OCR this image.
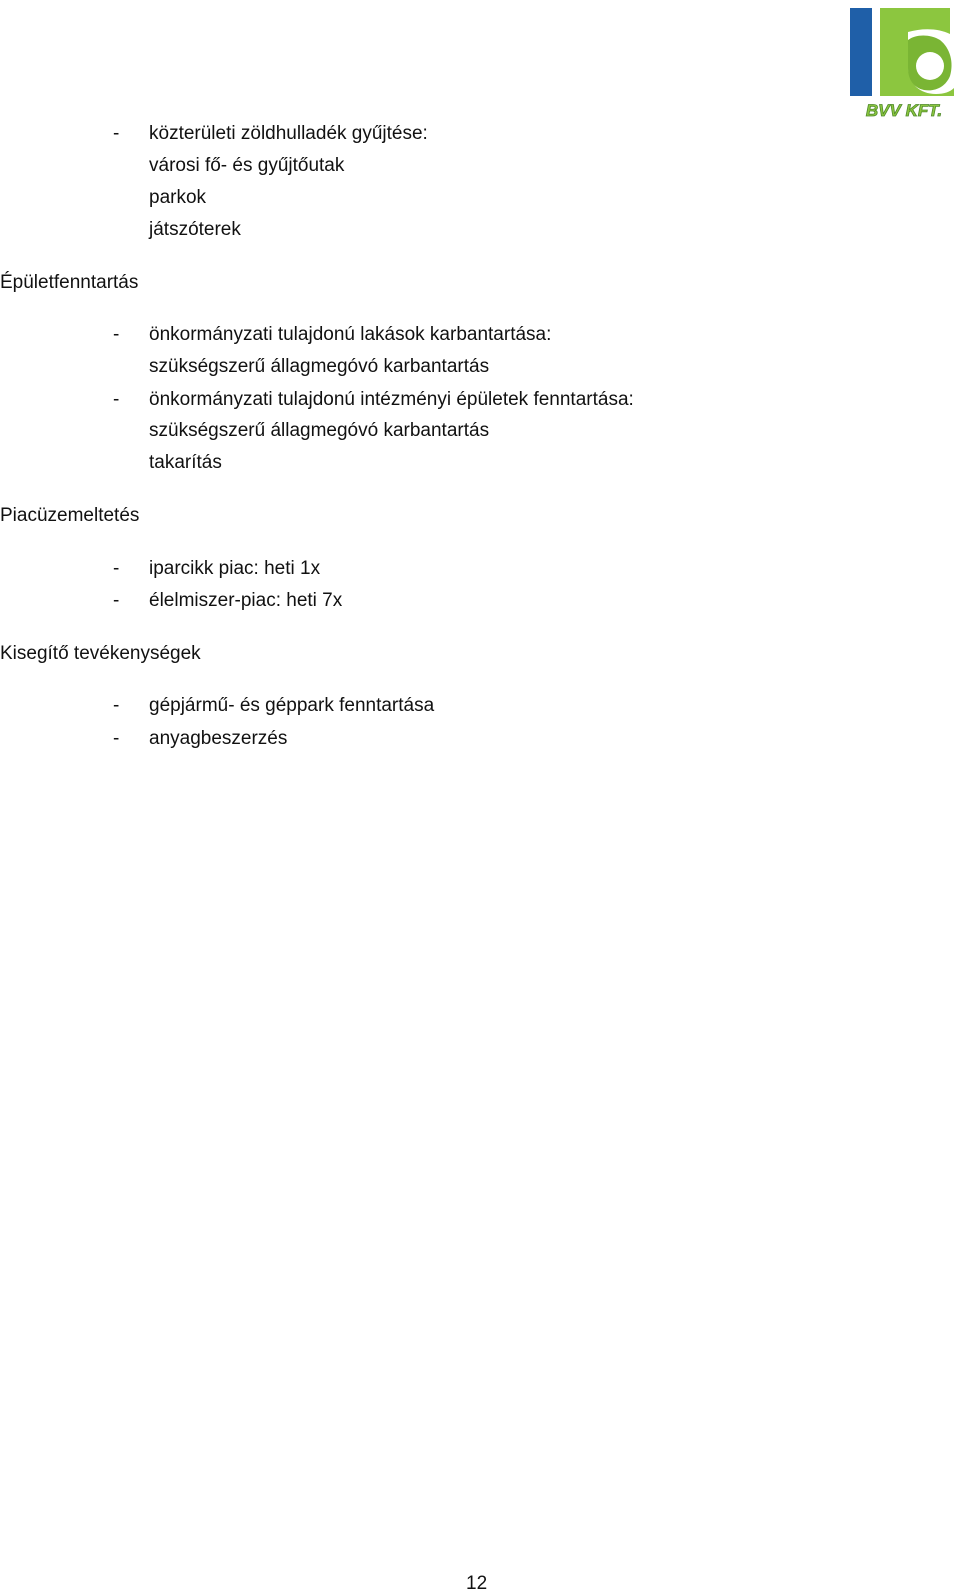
BVV KFT.
- közterületi zöldhulladék gyűjtése:
városi fő- és gyűjtőutak
parkok
játszóterek
Épületfenntartás
- önkormányzati tulajdonú lakások karbantartása:
szükségszerű állagmegóvó karbantartás
- önkormányzati tulajdonú intézményi épületek fenntartása:
szükségszerű állagmegóvó karbantartás
takarítás
Piacüzemeltetés
- iparcikk piac: heti 1x
- élelmiszer-piac: heti 7x
Kisegítő tevékenységek
- gépjármű- és géppark fenntartása
- anyagbeszerzés
12
